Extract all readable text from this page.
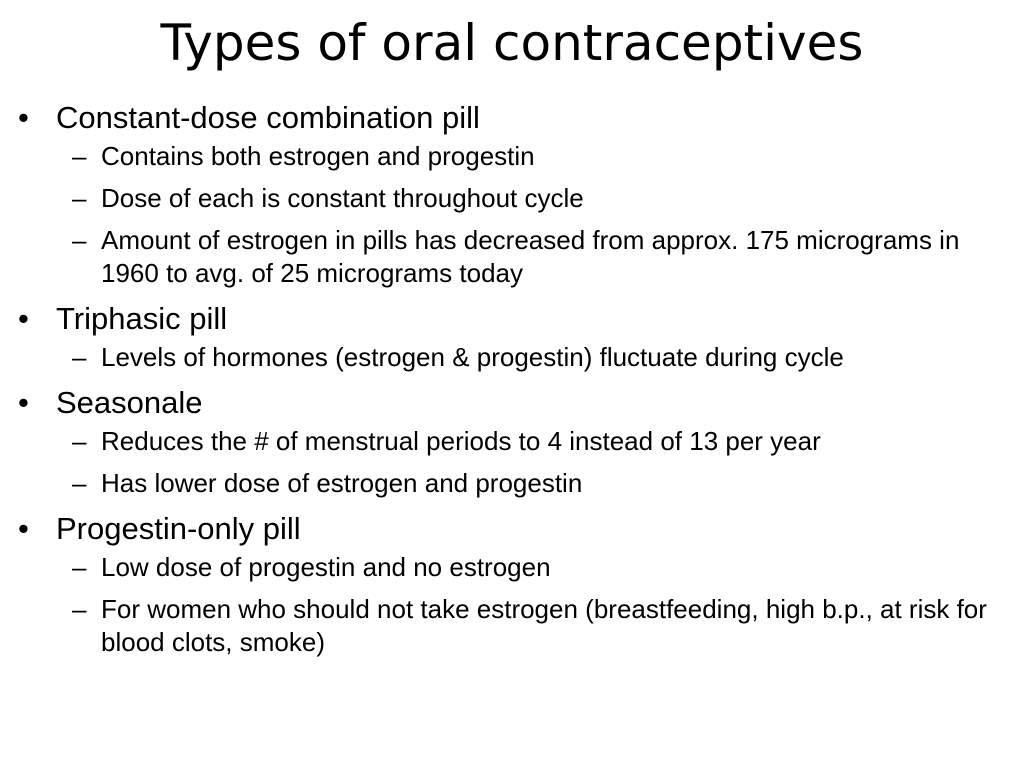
Types of oral contraceptives
• Constant-dose combination pill
– Contains both estrogen and progestin
– Dose of each is constant throughout cycle
– Amount of estrogen in pills has decreased from approx. 175 micrograms in 1960 to avg. of 25 micrograms today
• Triphasic pill
– Levels of hormones (estrogen & progestin) fluctuate during cycle
• Seasonale
– Reduces the # of menstrual periods to 4 instead of 13 per year
– Has lower dose of estrogen and progestin
• Progestin-only pill
– Low dose of progestin and no estrogen
– For women who should not take estrogen (breastfeeding, high b.p., at risk for blood clots, smoke)
